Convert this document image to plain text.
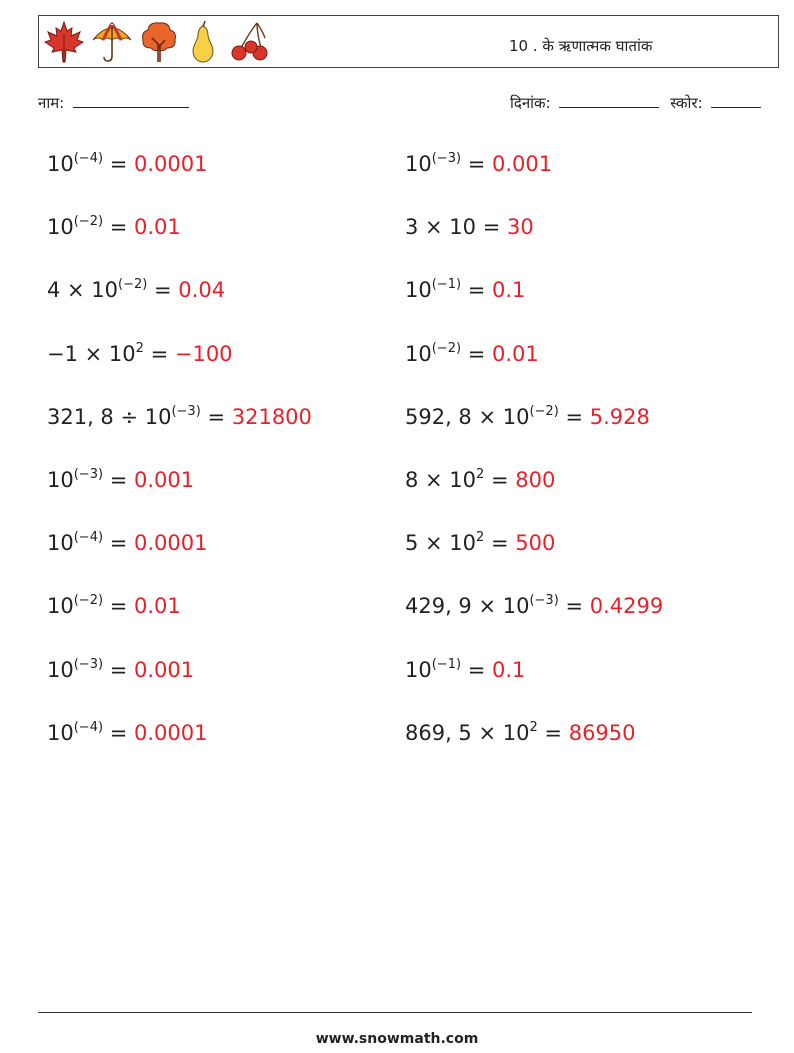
10 . के ऋणात्मक घातांक
नाम:	दिनांक:	स्कोर:
$10^{(-4)} = 0.0001$	$10^{(-3)} = 0.001$
$10^{(-2)} = 0.01$	3 × 10 = 30
$4 \times 10^{(-2)} = 0.04$	$10^{(-1)} = 0.1$
$-1 \times 10^2 = -100$	$10^{(-2)} = 0.01$
321, $8 \div 10^{(-3)} = 321800$	592, $8 \times 10^{(-2)} = 5.928$
$10^{(-3)} = 0.001$	$8 \times 10^2 = 800$
$10^{(-4)} = 0.0001$	$5 \times 10^2 = 500$
$10^{(-2)} = 0.01$	429, $9 \times 10^{(-3)} = 0.4299$
$10^{(-3)} = 0.001$	$10^{(-1)} = 0.1$
$10^{(-4)} = 0.0001$	869, $5 \times 10^2 = 86950$
www.snowmath.com
